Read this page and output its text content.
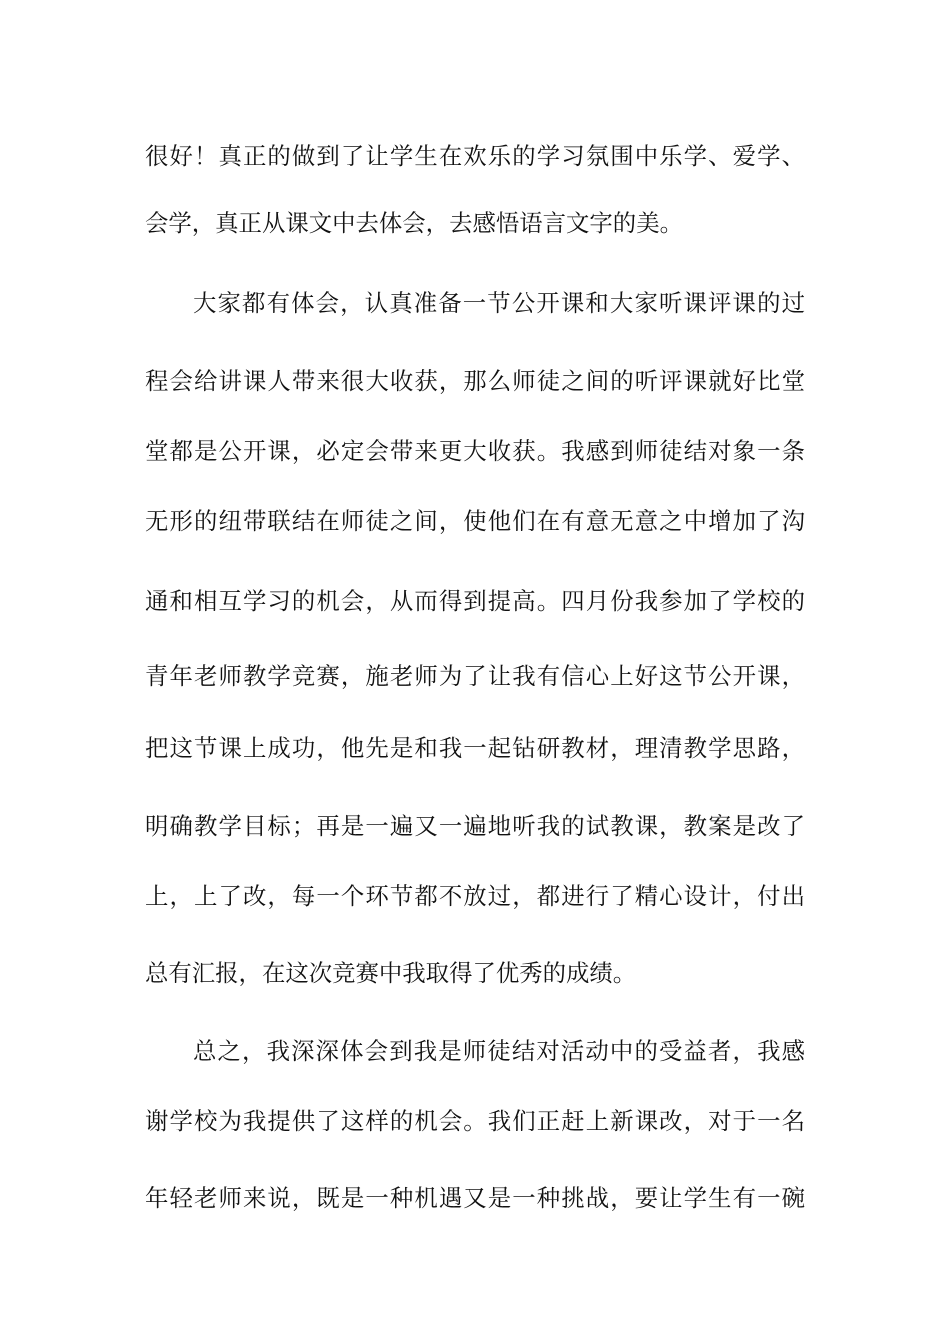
很好！真正的做到了让学生在欢乐的学习氛围中乐学、爱学、
会学，真正从课文中去体会，去感悟语言文字的美。
大家都有体会，认真准备一节公开课和大家听课评课的过
程会给讲课人带来很大收获，那么师徒之间的听评课就好比堂
堂都是公开课，必定会带来更大收获。我感到师徒结对象一条
无形的纽带联结在师徒之间，使他们在有意无意之中增加了沟
通和相互学习的机会，从而得到提高。四月份我参加了学校的
青年老师教学竞赛，施老师为了让我有信心上好这节公开课，
把这节课上成功，他先是和我一起钻研教材，理清教学思路，
明确教学目标；再是一遍又一遍地听我的试教课，教案是改了
上，上了改，每一个环节都不放过，都进行了精心设计，付出
总有汇报，在这次竞赛中我取得了优秀的成绩。
总之，我深深体会到我是师徒结对活动中的受益者，我感
谢学校为我提供了这样的机会。我们正赶上新课改，对于一名
年轻老师来说，既是一种机遇又是一种挑战，要让学生有一碗
